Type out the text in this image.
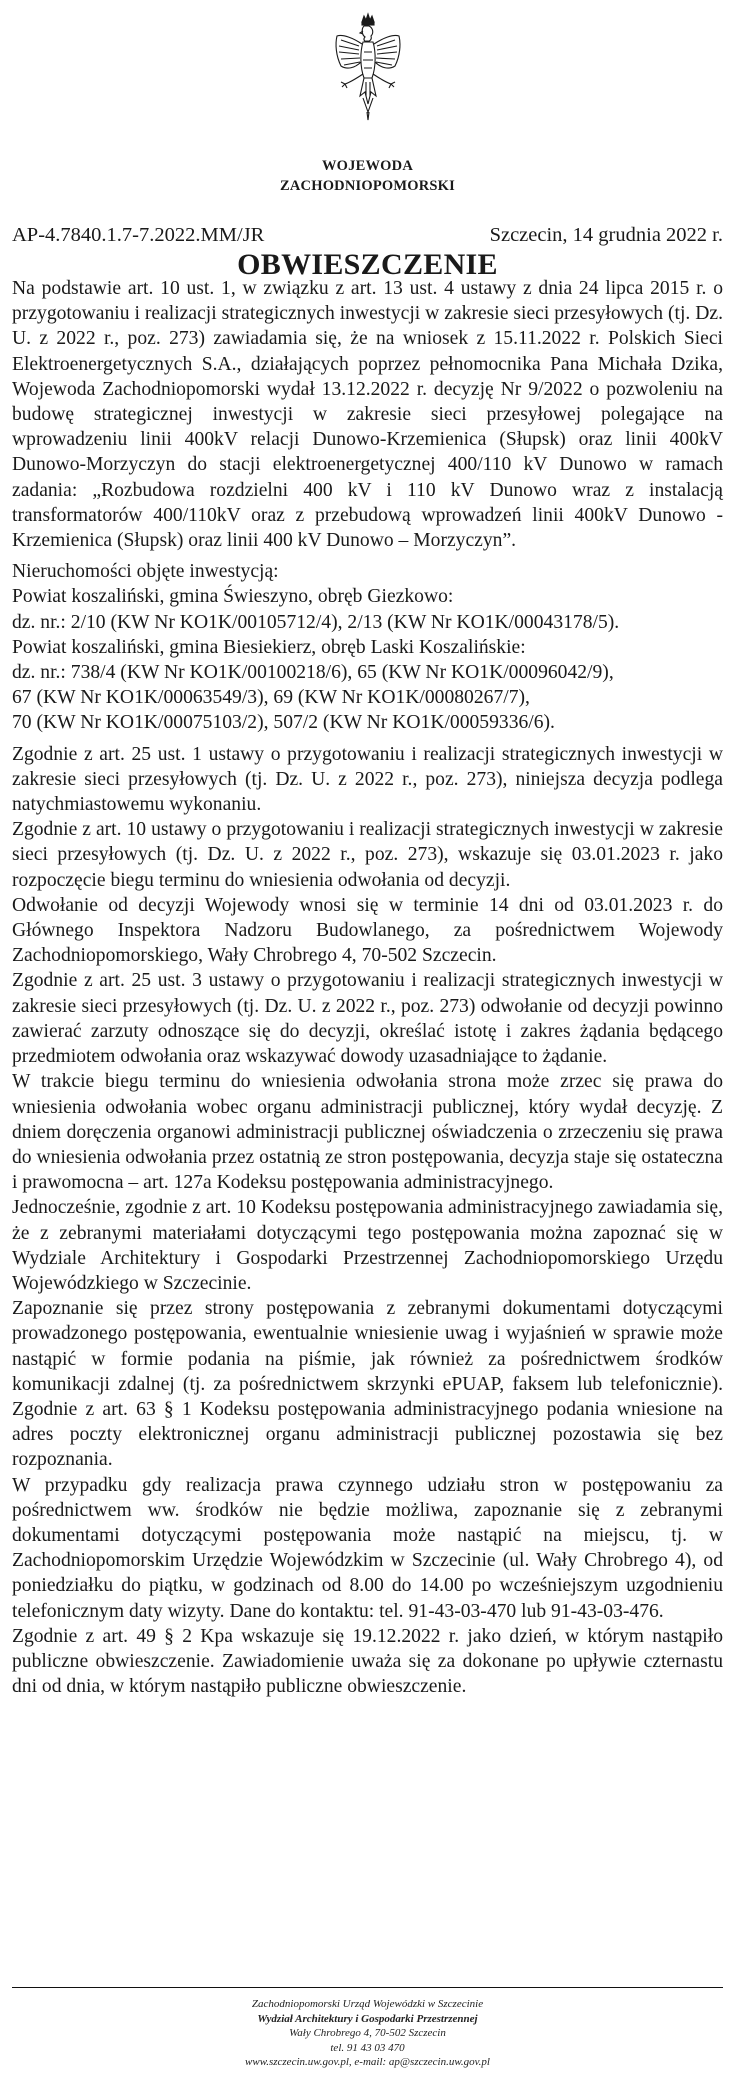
WOJEWODA
ZACHODNIOPOMORSKI
AP-4.7840.1.7-7.2022.MM/JR	Szczecin, 14 grudnia 2022 r.
OBWIESZCZENIE

Na podstawie art. 10 ust. 1, w związku z art. 13 ust. 4 ustawy z dnia 24 lipca 2015 r. o przygotowaniu i realizacji strategicznych inwestycji w zakresie sieci przesyłowych (tj. Dz. U. z 2022 r., poz. 273) zawiadamia się, że na wniosek z 15.11.2022 r. Polskich Sieci Elektroenergetycznych S.A., działających poprzez pełnomocnika Pana Michała Dzika, Wojewoda Zachodniopomorski wydał 13.12.2022 r. decyzję Nr 9/2022 o pozwoleniu na budowę strategicznej inwestycji w zakresie sieci przesyłowej polegające na wprowadzeniu linii 400kV relacji Dunowo-Krzemienica (Słupsk) oraz linii 400kV Dunowo-Morzyczyn do stacji elektroenergetycznej 400/110 kV Dunowo w ramach zadania: „Rozbudowa rozdzielni 400 kV i 110 kV Dunowo wraz z instalacją transformatorów 400/110kV oraz z przebudową wprowadzeń linii 400kV Dunowo - Krzemienica (Słupsk) oraz linii 400 kV Dunowo – Morzyczyn”.

Nieruchomości objęte inwestycją:

Powiat koszaliński, gmina Świeszyno, obręb Giezkowo:

dz. nr.: 2/10 (KW Nr KO1K/00105712/4), 2/13 (KW Nr KO1K/00043178/5).

Powiat koszaliński, gmina Biesiekierz, obręb Laski Koszalińskie:

dz. nr.: 738/4 (KW Nr KO1K/00100218/6), 65 (KW Nr KO1K/00096042/9),

67 (KW Nr KO1K/00063549/3), 69 (KW Nr KO1K/00080267/7),

70 (KW Nr KO1K/00075103/2), 507/2 (KW Nr KO1K/00059336/6).

Zgodnie z art. 25 ust. 1 ustawy o przygotowaniu i realizacji strategicznych inwestycji w zakresie sieci przesyłowych (tj. Dz. U. z 2022 r., poz. 273), niniejsza decyzja podlega natychmiastowemu wykonaniu.

Zgodnie z art. 10 ustawy o przygotowaniu i realizacji strategicznych inwestycji w zakresie sieci przesyłowych (tj. Dz. U. z 2022 r., poz. 273), wskazuje się 03.01.2023 r. jako rozpoczęcie biegu terminu do wniesienia odwołania od decyzji.

Odwołanie od decyzji Wojewody wnosi się w terminie 14 dni od 03.01.2023 r. do Głównego Inspektora Nadzoru Budowlanego, za pośrednictwem Wojewody Zachodniopomorskiego, Wały Chrobrego 4, 70-502 Szczecin.

Zgodnie z art. 25 ust. 3 ustawy o przygotowaniu i realizacji strategicznych inwestycji w zakresie sieci przesyłowych (tj. Dz. U. z 2022 r., poz. 273) odwołanie od decyzji powinno zawierać zarzuty odnoszące się do decyzji, określać istotę i zakres żądania będącego przedmiotem odwołania oraz wskazywać dowody uzasadniające to żądanie.

W trakcie biegu terminu do wniesienia odwołania strona może zrzec się prawa do wniesienia odwołania wobec organu administracji publicznej, który wydał decyzję. Z dniem doręczenia organowi administracji publicznej oświadczenia o zrzeczeniu się prawa do wniesienia odwołania przez ostatnią ze stron postępowania, decyzja staje się ostateczna i prawomocna – art. 127a Kodeksu postępowania administracyjnego.

Jednocześnie, zgodnie z art. 10 Kodeksu postępowania administracyjnego zawiadamia się, że z zebranymi materiałami dotyczącymi tego postępowania można zapoznać się w Wydziale Architektury i Gospodarki Przestrzennej Zachodniopomorskiego Urzędu Wojewódzkiego w Szczecinie.

Zapoznanie się przez strony postępowania z zebranymi dokumentami dotyczącymi prowadzonego postępowania, ewentualnie wniesienie uwag i wyjaśnień w sprawie może nastąpić w formie podania na piśmie, jak również za pośrednictwem środków komunikacji zdalnej (tj. za pośrednictwem skrzynki ePUAP, faksem lub telefonicznie). Zgodnie z art. 63 § 1 Kodeksu postępowania administracyjnego podania wniesione na adres poczty elektronicznej organu administracji publicznej pozostawia się bez rozpoznania.

W przypadku gdy realizacja prawa czynnego udziału stron w postępowaniu za pośrednictwem ww. środków nie będzie możliwa, zapoznanie się z zebranymi dokumentami dotyczącymi postępowania może nastąpić na miejscu, tj. w Zachodniopomorskim Urzędzie Wojewódzkim w Szczecinie (ul. Wały Chrobrego 4), od poniedziałku do piątku, w godzinach od 8.00 do 14.00 po wcześniejszym uzgodnieniu telefonicznym daty wizyty. Dane do kontaktu: tel. 91-43-03-470 lub 91-43-03-476.

Zgodnie z art. 49 § 2 Kpa wskazuje się 19.12.2022 r. jako dzień, w którym nastąpiło publiczne obwieszczenie. Zawiadomienie uważa się za dokonane po upływie czternastu dni od dnia, w którym nastąpiło publiczne obwieszczenie.

Zachodniopomorski Urząd Wojewódzki w Szczecinie
Wydział Architektury i Gospodarki Przestrzennej
Wały Chrobrego 4, 70-502 Szczecin
tel. 91 43 03 470
www.szczecin.uw.gov.pl, e-mail: ap@szczecin.uw.gov.pl
